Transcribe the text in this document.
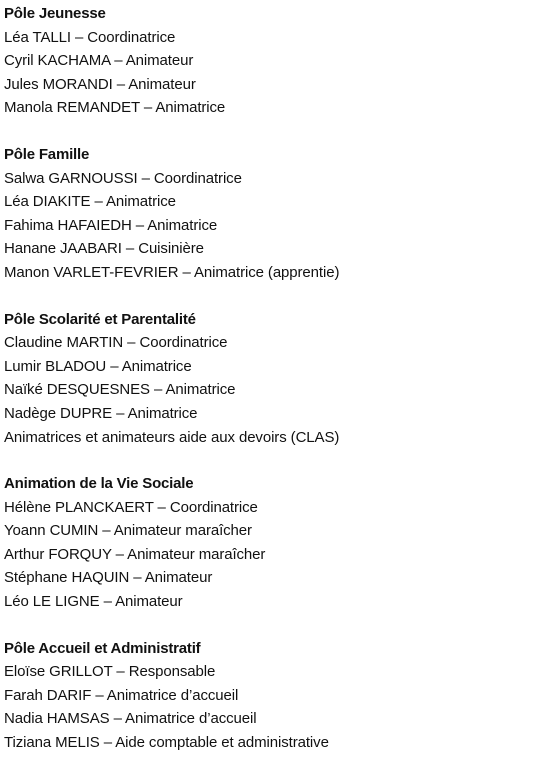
Pôle Jeunesse
Léa TALLI – Coordinatrice
Cyril KACHAMA – Animateur
Jules MORANDI – Animateur
Manola REMANDET – Animatrice
Pôle Famille
Salwa GARNOUSSI – Coordinatrice
Léa DIAKITE – Animatrice
Fahima HAFAIEDH – Animatrice
Hanane JAABARI – Cuisinière
Manon VARLET-FEVRIER – Animatrice (apprentie)
Pôle Scolarité et Parentalité
Claudine MARTIN – Coordinatrice
Lumir BLADOU – Animatrice
Naïké DESQUESNES – Animatrice
Nadège DUPRE – Animatrice
Animatrices et animateurs aide aux devoirs (CLAS)
Animation de la Vie Sociale
Hélène PLANCKAERT – Coordinatrice
Yoann CUMIN – Animateur maraîcher
Arthur FORQUY – Animateur maraîcher
Stéphane HAQUIN – Animateur
Léo LE LIGNE – Animateur
Pôle Accueil et Administratif
Eloïse GRILLOT – Responsable
Farah DARIF – Animatrice d’accueil
Nadia HAMSAS – Animatrice d’accueil
Tiziana MELIS – Aide comptable et administrative
